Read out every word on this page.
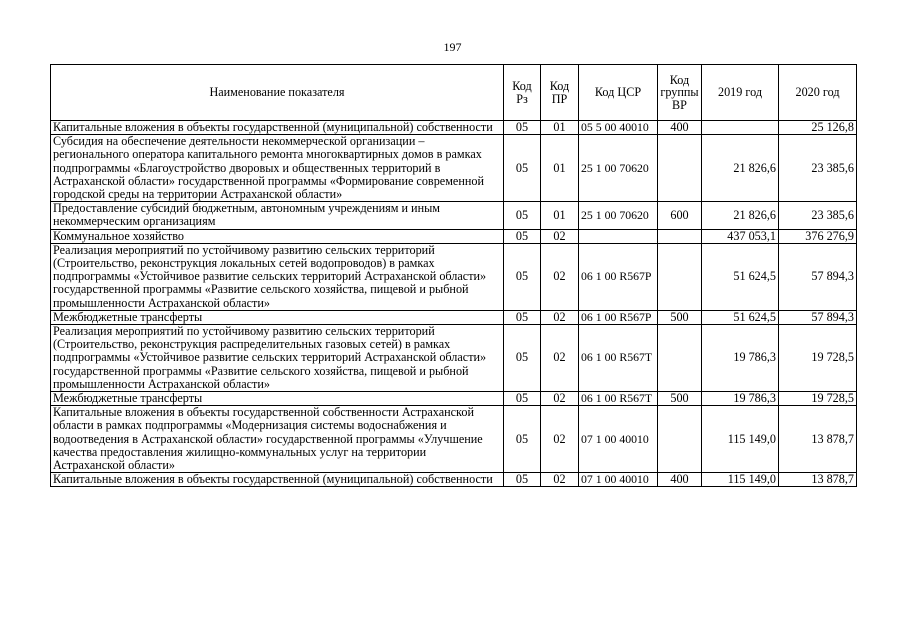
197
Наименование показателя	Код Рз	Код ПР	Код ЦСР	Код группы ВР	2019 год	2020 год
Капитальные вложения в объекты государственной (муниципальной) собственности	05	01	05 5 00 40010	400		25 126,8
Субсидия на обеспечение деятельности некоммерческой организации – регионального оператора капитального ремонта многоквартирных домов в рамках подпрограммы «Благоустройство дворовых и общественных территорий в Астраханской области» государственной программы «Формирование современной городской среды на территории Астраханской области»	05	01	25 1 00 70620		21 826,6	23 385,6
Предоставление субсидий бюджетным, автономным учреждениям и иным некоммерческим организациям	05	01	25 1 00 70620	600	21 826,6	23 385,6
Коммунальное хозяйство	05	02			437 053,1	376 276,9
Реализация мероприятий по устойчивому развитию сельских территорий (Строительство, реконструкция локальных сетей водопроводов) в рамках подпрограммы «Устойчивое развитие сельских территорий Астраханской области» государственной программы «Развитие сельского хозяйства, пищевой и рыбной промышленности Астраханской области»	05	02	06 1 00 R567P		51 624,5	57 894,3
Межбюджетные трансферты	05	02	06 1 00 R567P	500	51 624,5	57 894,3
Реализация мероприятий по устойчивому развитию сельских территорий (Строительство, реконструкция распределительных газовых сетей) в рамках подпрограммы «Устойчивое развитие сельских территорий Астраханской области» государственной программы «Развитие сельского хозяйства, пищевой и рыбной промышленности Астраханской области»	05	02	06 1 00 R567T		19 786,3	19 728,5
Межбюджетные трансферты	05	02	06 1 00 R567T	500	19 786,3	19 728,5
Капитальные вложения в объекты государственной собственности Астраханской области в рамках подпрограммы «Модернизация системы водоснабжения и водоотведения в Астраханской области» государственной программы «Улучшение качества предоставления жилищно-коммунальных услуг на территории Астраханской области»	05	02	07 1 00 40010		115 149,0	13 878,7
Капитальные вложения в объекты государственной (муниципальной) собственности	05	02	07 1 00 40010	400	115 149,0	13 878,7
